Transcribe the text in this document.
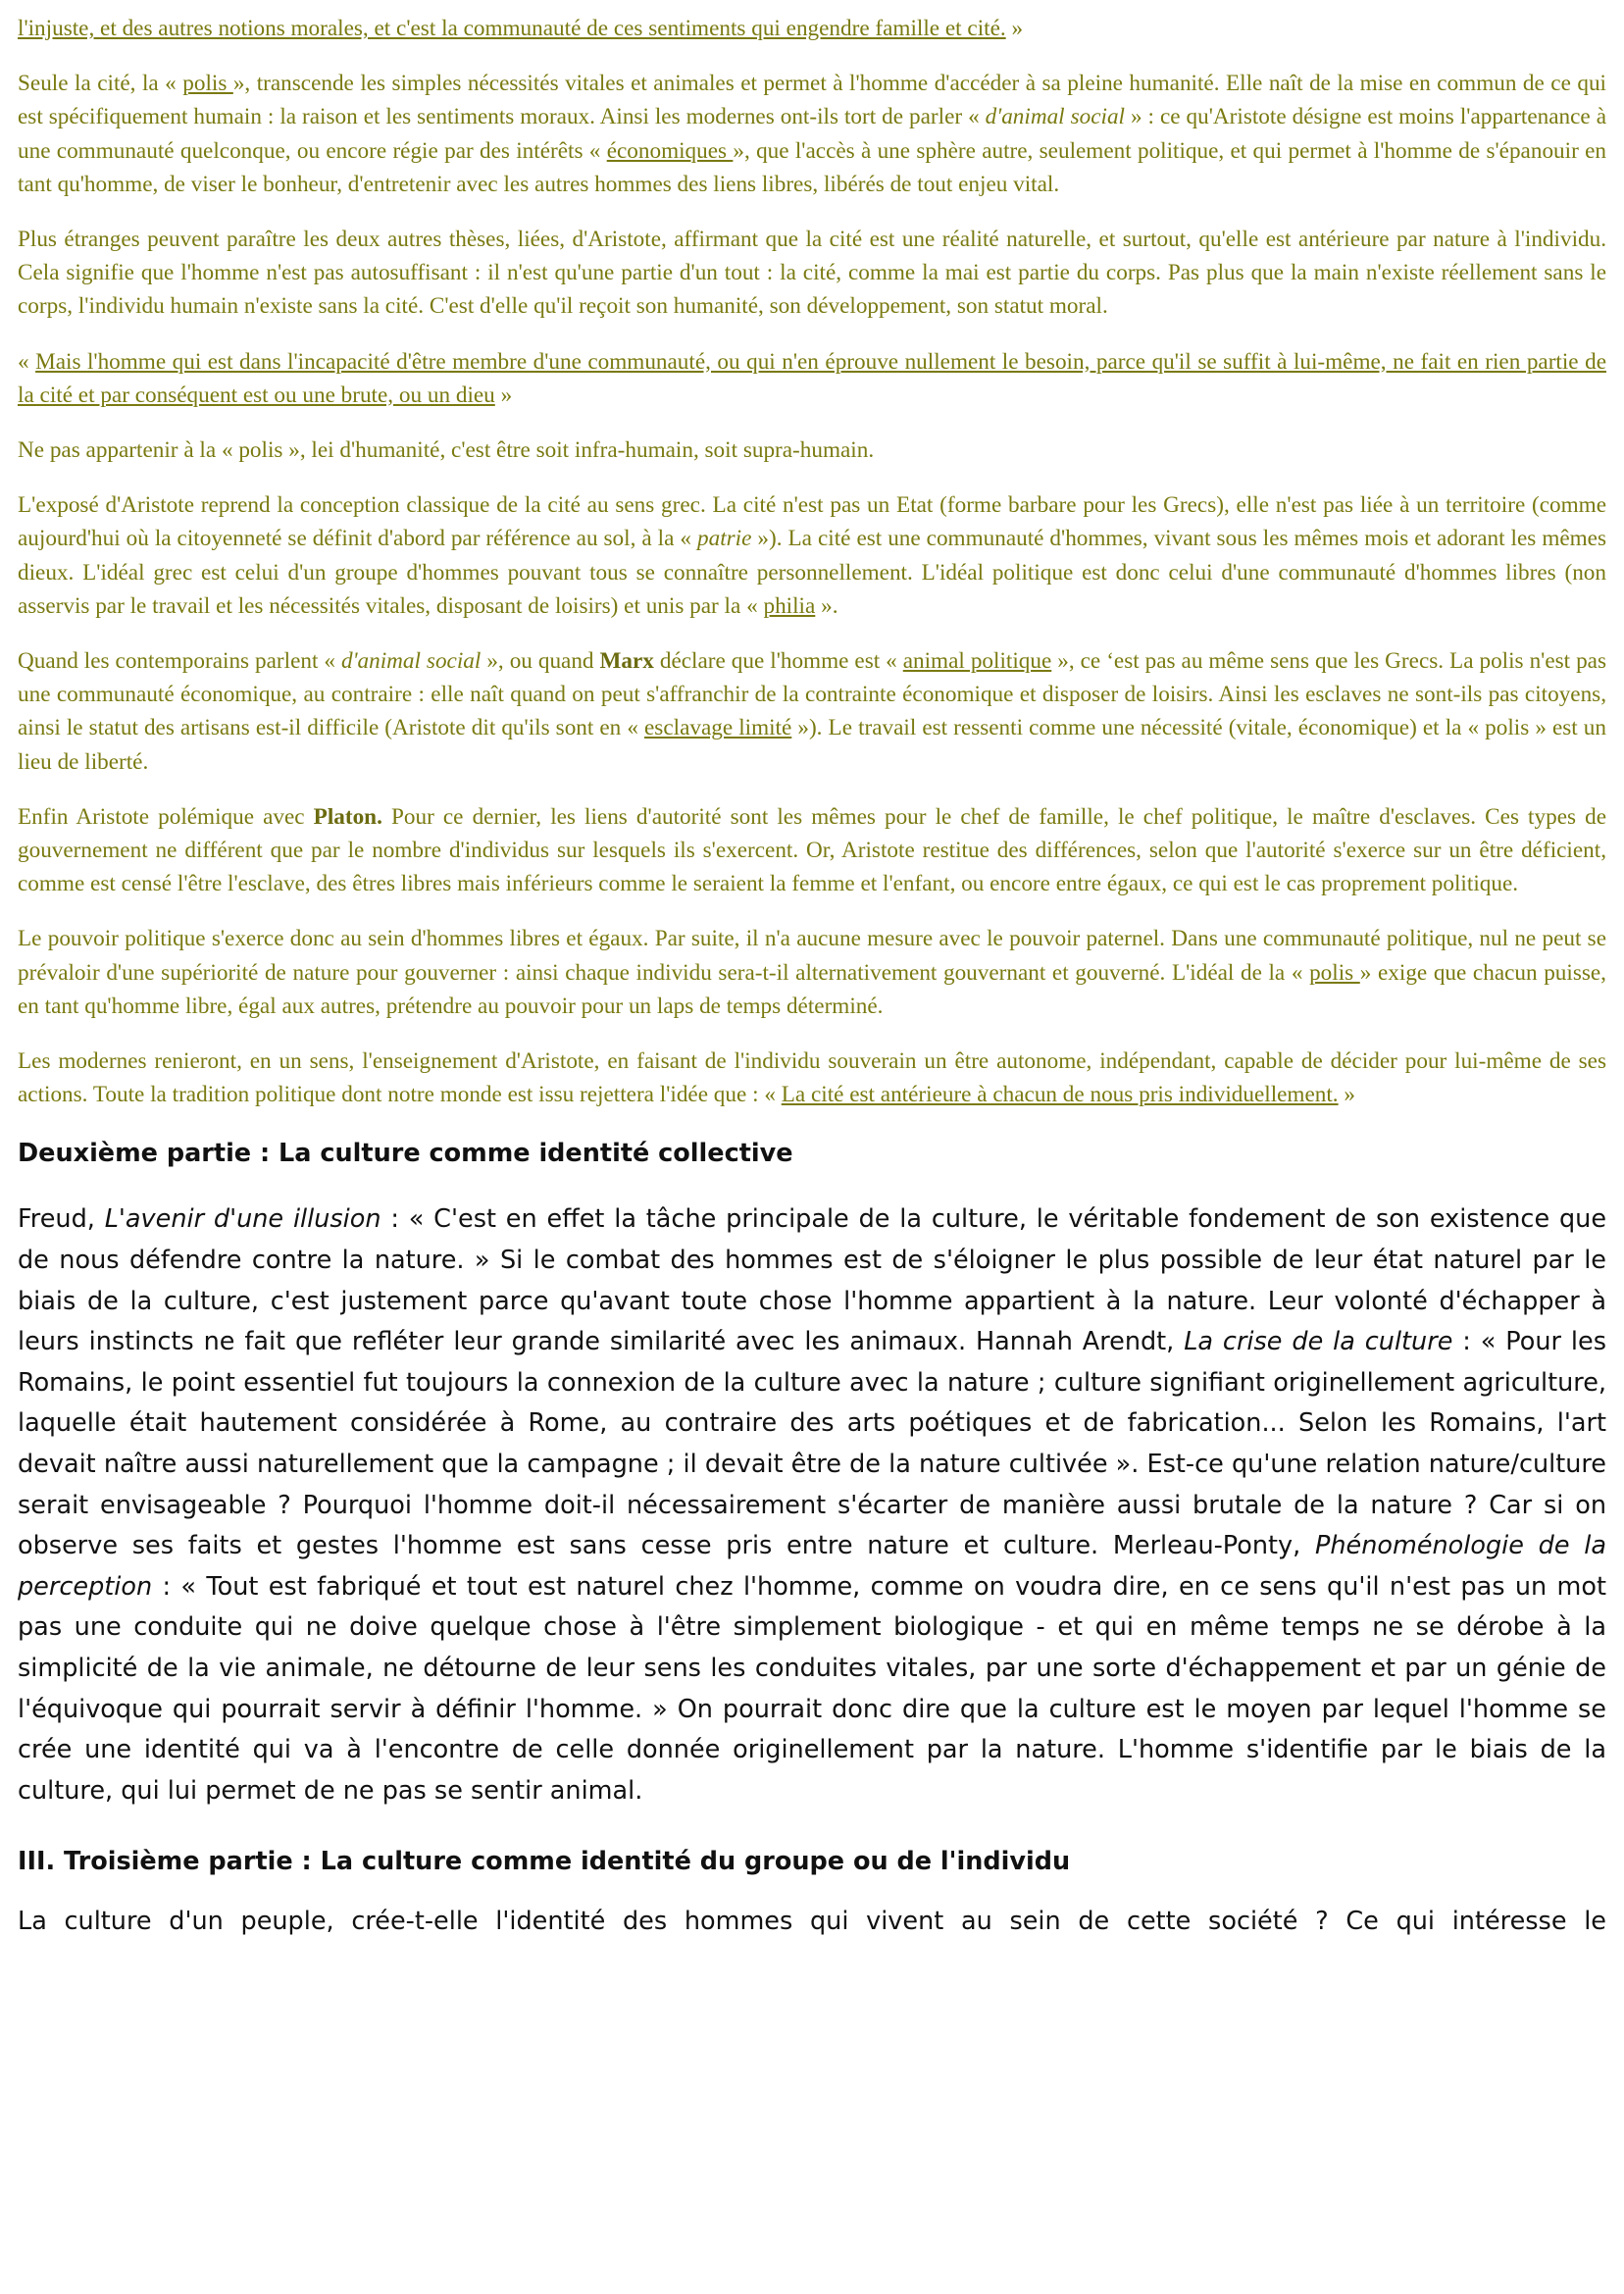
l'injuste, et des autres notions morales, et c'est la communauté de ces sentiments qui engendre famille et cité. »

Seule la cité, la « polis », transcende les simples nécessités vitales et animales et permet à l'homme d'accéder à sa pleine humanité. Elle naît de la mise en commun de ce qui est spécifiquement humain : la raison et les sentiments moraux. Ainsi les modernes ont-ils tort de parler « d'animal social » : ce qu'Aristote désigne est moins l'appartenance à une communauté quelconque, ou encore régie par des intérêts « économiques », que l'accès à une sphère autre, seulement politique, et qui permet à l'homme de s'épanouir en tant qu'homme, de viser le bonheur, d'entretenir avec les autres hommes des liens libres, libérés de tout enjeu vital.

Plus étranges peuvent paraître les deux autres thèses, liées, d'Aristote, affirmant que la cité est une réalité naturelle, et surtout, qu'elle est antérieure par nature à l'individu. Cela signifie que l'homme n'est pas autosuffisant : il n'est qu'une partie d'un tout : la cité, comme la mai est partie du corps. Pas plus que la main n'existe réellement sans le corps, l'individu humain n'existe sans la cité. C'est d'elle qu'il reçoit son humanité, son développement, son statut moral.

« Mais l'homme qui est dans l'incapacité d'être membre d'une communauté, ou qui n'en éprouve nullement le besoin, parce qu'il se suffit à lui-même, ne fait en rien partie de la cité et par conséquent est ou une brute, ou un dieu »

Ne pas appartenir à la « polis », lei d'humanité, c'est être soit infra-humain, soit supra-humain.

L'exposé d'Aristote reprend la conception classique de la cité au sens grec. La cité n'est pas un Etat (forme barbare pour les Grecs), elle n'est pas liée à un territoire (comme aujourd'hui où la citoyenneté se définit d'abord par référence au sol, à la « patrie »). La cité est une communauté d'hommes, vivant sous les mêmes mois et adorant les mêmes dieux. L'idéal grec est celui d'un groupe d'hommes pouvant tous se connaître personnellement. L'idéal politique est donc celui d'une communauté d'hommes libres (non asservis par le travail et les nécessités vitales, disposant de loisirs) et unis par la « philia ».

Quand les contemporains parlent « d'animal social », ou quand Marx déclare que l'homme est « animal politique », ce ‘est pas au même sens que les Grecs. La polis n'est pas une communauté économique, au contraire : elle naît quand on peut s'affranchir de la contrainte économique et disposer de loisirs. Ainsi les esclaves ne sont-ils pas citoyens, ainsi le statut des artisans est-il difficile (Aristote dit qu'ils sont en « esclavage limité »). Le travail est ressenti comme une nécessité (vitale, économique) et la « polis » est un lieu de liberté.

Enfin Aristote polémique avec Platon. Pour ce dernier, les liens d'autorité sont les mêmes pour le chef de famille, le chef politique, le maître d'esclaves. Ces types de gouvernement ne différent que par le nombre d'individus sur lesquels ils s'exercent. Or, Aristote restitue des différences, selon que l'autorité s'exerce sur un être déficient, comme est censé l'être l'esclave, des êtres libres mais inférieurs comme le seraient la femme et l'enfant, ou encore entre égaux, ce qui est le cas proprement politique.

Le pouvoir politique s'exerce donc au sein d'hommes libres et égaux. Par suite, il n'a aucune mesure avec le pouvoir paternel. Dans une communauté politique, nul ne peut se prévaloir d'une supériorité de nature pour gouverner : ainsi chaque individu sera-t-il alternativement gouvernant et gouverné. L'idéal de la « polis » exige que chacun puisse, en tant qu'homme libre, égal aux autres, prétendre au pouvoir pour un laps de temps déterminé.

Les modernes renieront, en un sens, l'enseignement d'Aristote, en faisant de l'individu souverain un être autonome, indépendant, capable de décider pour lui-même de ses actions. Toute la tradition politique dont notre monde est issu rejettera l'idée que : « La cité est antérieure à chacun de nous pris individuellement. »

Deuxième partie : La culture comme identité collective

Freud, L'avenir d'une illusion : « C'est en effet la tâche principale de la culture, le véritable fondement de son existence que de nous défendre contre la nature. » Si le combat des hommes est de s'éloigner le plus possible de leur état naturel par le biais de la culture, c'est justement parce qu'avant toute chose l'homme appartient à la nature. Leur volonté d'échapper à leurs instincts ne fait que refléter leur grande similarité avec les animaux. Hannah Arendt, La crise de la culture : « Pour les Romains, le point essentiel fut toujours la connexion de la culture avec la nature ; culture signifiant originellement agriculture, laquelle était hautement considérée à Rome, au contraire des arts poétiques et de fabrication... Selon les Romains, l'art devait naître aussi naturellement que la campagne ; il devait être de la nature cultivée ». Est-ce qu'une relation nature/culture serait envisageable ? Pourquoi l'homme doit-il nécessairement s'écarter de manière aussi brutale de la nature ? Car si on observe ses faits et gestes l'homme est sans cesse pris entre nature et culture. Merleau-Ponty, Phénoménologie de la perception : « Tout est fabriqué et tout est naturel chez l'homme, comme on voudra dire, en ce sens qu'il n'est pas un mot pas une conduite qui ne doive quelque chose à l'être simplement biologique - et qui en même temps ne se dérobe à la simplicité de la vie animale, ne détourne de leur sens les conduites vitales, par une sorte d'échappement et par un génie de l'équivoque qui pourrait servir à définir l'homme. » On pourrait donc dire que la culture est le moyen par lequel l'homme se crée une identité qui va à l'encontre de celle donnée originellement par la nature. L'homme s'identifie par le biais de la culture, qui lui permet de ne pas se sentir animal.

III. Troisième partie : La culture comme identité du groupe ou de l'individu

La culture d'un peuple, crée-t-elle l'identité des hommes qui vivent au sein de cette société ? Ce qui intéresse le
